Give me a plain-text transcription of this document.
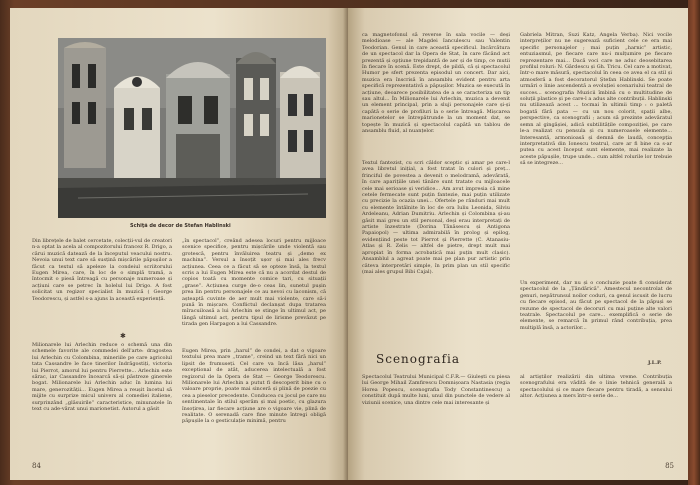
Schiţă de decor de Stefan Hablinski
Din librețele de balet cercetate, colecții-vul de creatori n-a optat la acela al compozitorului francez R. Drigo, a cărui muzică datează de la începutul veacului nostru. Nevoia unui text care să susțină mișcările păpușilor a făcut ca textul să apeleze la condeiul scriitorului Eugen Mirea, care, în loc de o simplă tramă, a întocmit o piesă întreagă cu personaje numeroase și acțiuni care se petrec în holelul lui Drigo. A fost solicitat un regizor specialist în muzică ( George Teodorescu, și astfel s-a ajuns la această experiență.
✱
Milionarele lui Arlechin reduce o schemă una din schemele favorite ale commedei dell'arte: dragostea lui Arlechin cu Colombina, mineriile pe care agricolul tata Cassandre le face tinerilor îndrăgostiți, victoria lui Pierrot, amorul lui pentru Pierrette... Arlechin este sărac, iar Cassandre încearcă să-și păstreze ginerele bogat. Milionarele lui Arlechin aduc în lumina lui mare, generozității... Eugen Mirea a reușit încetul să mijite cu surprize micul univers al comediei italiene, surprinzând „glăsuirile” caracteristice, minunatele în text cu ade-vărat unui marionetist. Autorul a găsit
„în spectacol”, creând adesea locuri pentru mijloace scenice specifice, pentru mișcările unde violentă sau grotescă, pentru învăluirea teatru și „demo ex machina”. Versul a însoțit ușor și mai ales frecv acțiunea. Ceea ce a făcut să se opteze însă, la textul scris a lui Eugen Mirea este că nu a acordat destul de copios toată cu momente comice tari, cu situații „grase”. Acțiunea curge de-o ceas lin, sunetul pușin prea lin pentru personajele ce au nevoi cu laconism, că așteaptă cuvinte de aer mult mai violente, care să-i pună în mișcare. Conflictul declanșat dupa tratarea mîracuiloasă a lui Arlechin se stinge în ultimul act, pe lângă ultimul act, pentru tipul de lirisme prevăzut pe tirada gen Harpagon a lui Cassandre.
Eugen Mirea, prin „harul” de condei, a dat o vigoare textului prea mare ,,trame”, creind un text fără nici un lipsit de frumuseți. Cel care va încă lăsa „harul” exceptional de atât, aducerea intelectuală a fost regizorul de la Opera de Stat — George Teodorescu. Milionarele lui Arlechin a putut fi descoperit bine cu o valoare proprie, poate mai sinceră și plină de poezie cu cea a pieselor precedente. Conducea cu jocul pe care nu sentimentale în stilul sperăm și mai poetic, cu glazura însoțirea, iar fiecare acțiune are o vigoare vie, plină de realitate. O serenadă care fine minute întregi obligă păpușile la o gesticulație minimă, pentru
84
ca magnetofonul să reverse în sala vocile — deși melodioase — ale Magdei Ianculescu sau Valentin Teodorian. Genul in care această specificul. Incărcătura de un spectacol dar la Opera de Stat, în care făcând act prezentă și opțiune trepidantă de aer și de timp, ce mutii în fiecare în scenă. Este drept, de pildă, că și spectacolul Humor pe sfert prezenta episodul un concert. Dar aici, muzica era înscrisă în ansamblu evident pentru arta specifică reprezentativă a păpușilor. Muzica se execută în acțiune, deoarece posibilitatea de a se caracteriza un tip sau altul... În Milionarele lui Arlechin, muzica a devenit un element principal, prin a sluji personajele care și-și capătă o serie de profiluri la o serie întreagă. Mișcarea marionetelor se întrepătrunde la un moment dat, se topește în muzică și spectacolul capătă un tablou de ansamblu fluid, al nuanțelor.
Textul fantezist, cu scri căldor sceptic și amar pe care-l avea libretul inițial, a fost tratat în culori și preț... frinciful de povestea a devenit o melodramă, adevărată, în care aparițiile unei tânăre sunt tratate cu mijloacele cele mai serioase și veridice... Am avut impresia că mine cetele fermecate sunt puțin fantezie, mai puțin utilizate cu precizie la ocazia unei... Ofertele pe rânduri mai mult cu elemente întâlnite în loc de ora Iuliu Leonida, Silviu Ardeleanu, Adrian Dumitriu. Arlechin și Colombina și-au găsit mai greu un stil personal, deși erau interpretați de artiste înzestrate (Dorina Tănăsescu și Antigona Papaiopol) — ultima admirabilă în prolog și epilog, evidențiind peste tot Pierrot și Pierrette (C. Atanasiu-Atlas și R. Zelis — altfel de pietre, drept mult mai apropiat în forma acrobatică mai puțin mult clasic). Ansamblul a agreat poate mai pe plan pur artistic prin câteva interpretări simple, în prim plan un stil specific (mai ales grupul Bibi Cajal).
Gabriela Mitran, Suzi Katz, Angela Verba). Nici vocile interpreților nu ne sugerează suficient cele ce era mai specific personajelor ; mai puțin „harnic” artistic, entuziasmul, pe fiecare care nu-i mulțumire pe fiecare reprezentare mai... Dacă voci care ne aduc deosebitarea profilul roluri: N. Gârdescu și Gh. Tricu. Cel care a motivat, într-o mare măsură, spectacolul în ceea ce avea el ca stil și atmosferă a fost decoratorul Ștefan Hablinski. Se poate urmări o linie ascendentă a evoluției scenariului teatral de succes... scenografia Muzicii îmbină cu o multitudine de soluții plastice și pe care-l a adus alte contribuții. Hablinski nu utilizează acest ... tocmai în ultimii timp : o paletă bogată fără pata — cu un nou colorit, spații albe, perspective, ca scenografii ; acum să prezinte adevăratul semn al gingășiei, adică subtilitățile compoziției, pe care le-a realizat cu pensula și cu numeroasele elemente... Interesantă, armonioasă și demnă de laudă, concepția interpretativă din Ionescu teatrul, care ar fi bine ca s-ar putea cu acest început sunt elemente, mai realizate la aceste păpușile, trupe unde... cum altfel rolurile lor trebuie să se integreze...
Un experiment, dar nu și o concluzie poate fi considerat spectacolul de la „Țăndărică”. Amestecul necontrolat de genuri, nepătrunsul noilor coduri, ca genul iscusit de lucru cu fiecare episod, au făcut pe spectacol de la păpuși se rezume de spectacol de decoruri cu mai puține alte valori teatrale. Spectacolul pe care... exemplifică o serie de elemente, se remarcă în primul rând contribuția, prea multiplă însă, a actorilor...
J.L.P.
Scenografia
Spectacolul Teatrului Municipal C.F.R.— Giulești cu piesa lui George Mihail Zamfirescu Domnișoara Nastasia (regia Horea Popescu, scenografia Tody Constantinescu) a constituit după multe luni, unul din punctele de vedere al viziunii scenice, una dintre cele mai interesante și
al artiștilor realizării din ultima vreme. Contribuția scenografului era vădită de o linie tehnică generală a spectacolului și ce mare fiecare pentru tiradă, a sensului altor. Acțiunea a mers într-o serie de...
85
